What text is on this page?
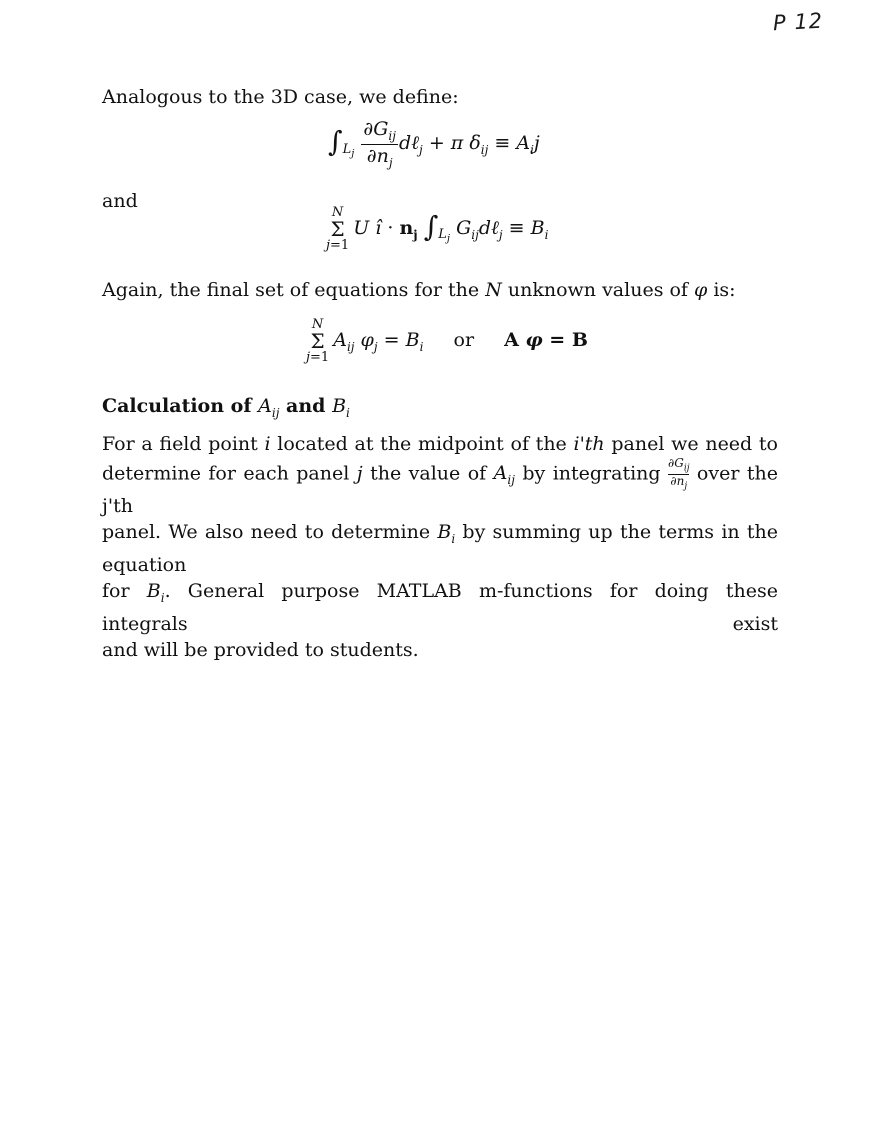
P 12
Analogous to the 3D case, we define:
$\int_{L_j} \frac{\partial G_{ij}}{\partial n_j}$ dℓ$_j$ + π $\delta_{ij} \equiv A_ij$
and
N
Σ
j=1
U î · $n_j$ $\int_{L_j}$ $G_{ij}d\ell_j \equiv B_i$
Again, the final set of equations for the N unknown values of φ is:
N
Σ
j=1
$A_{ij}$ $\varphi_j = B_i$ or A φ = B
Calculation of $A_{ij}$ and $B_i$
For a field point i located at the midpoint of the i'th panel we need to
determine for each panel j the value of $A_{ij}$ by integrating $\frac{\partial G_{ij}}{\partial n_j}$ over the j'th
panel. We also need to determine $B_i$ by summing up the terms in the equation
for $B_i$. General purpose MATLAB m-functions for doing these integrals exist
and will be provided to students.
